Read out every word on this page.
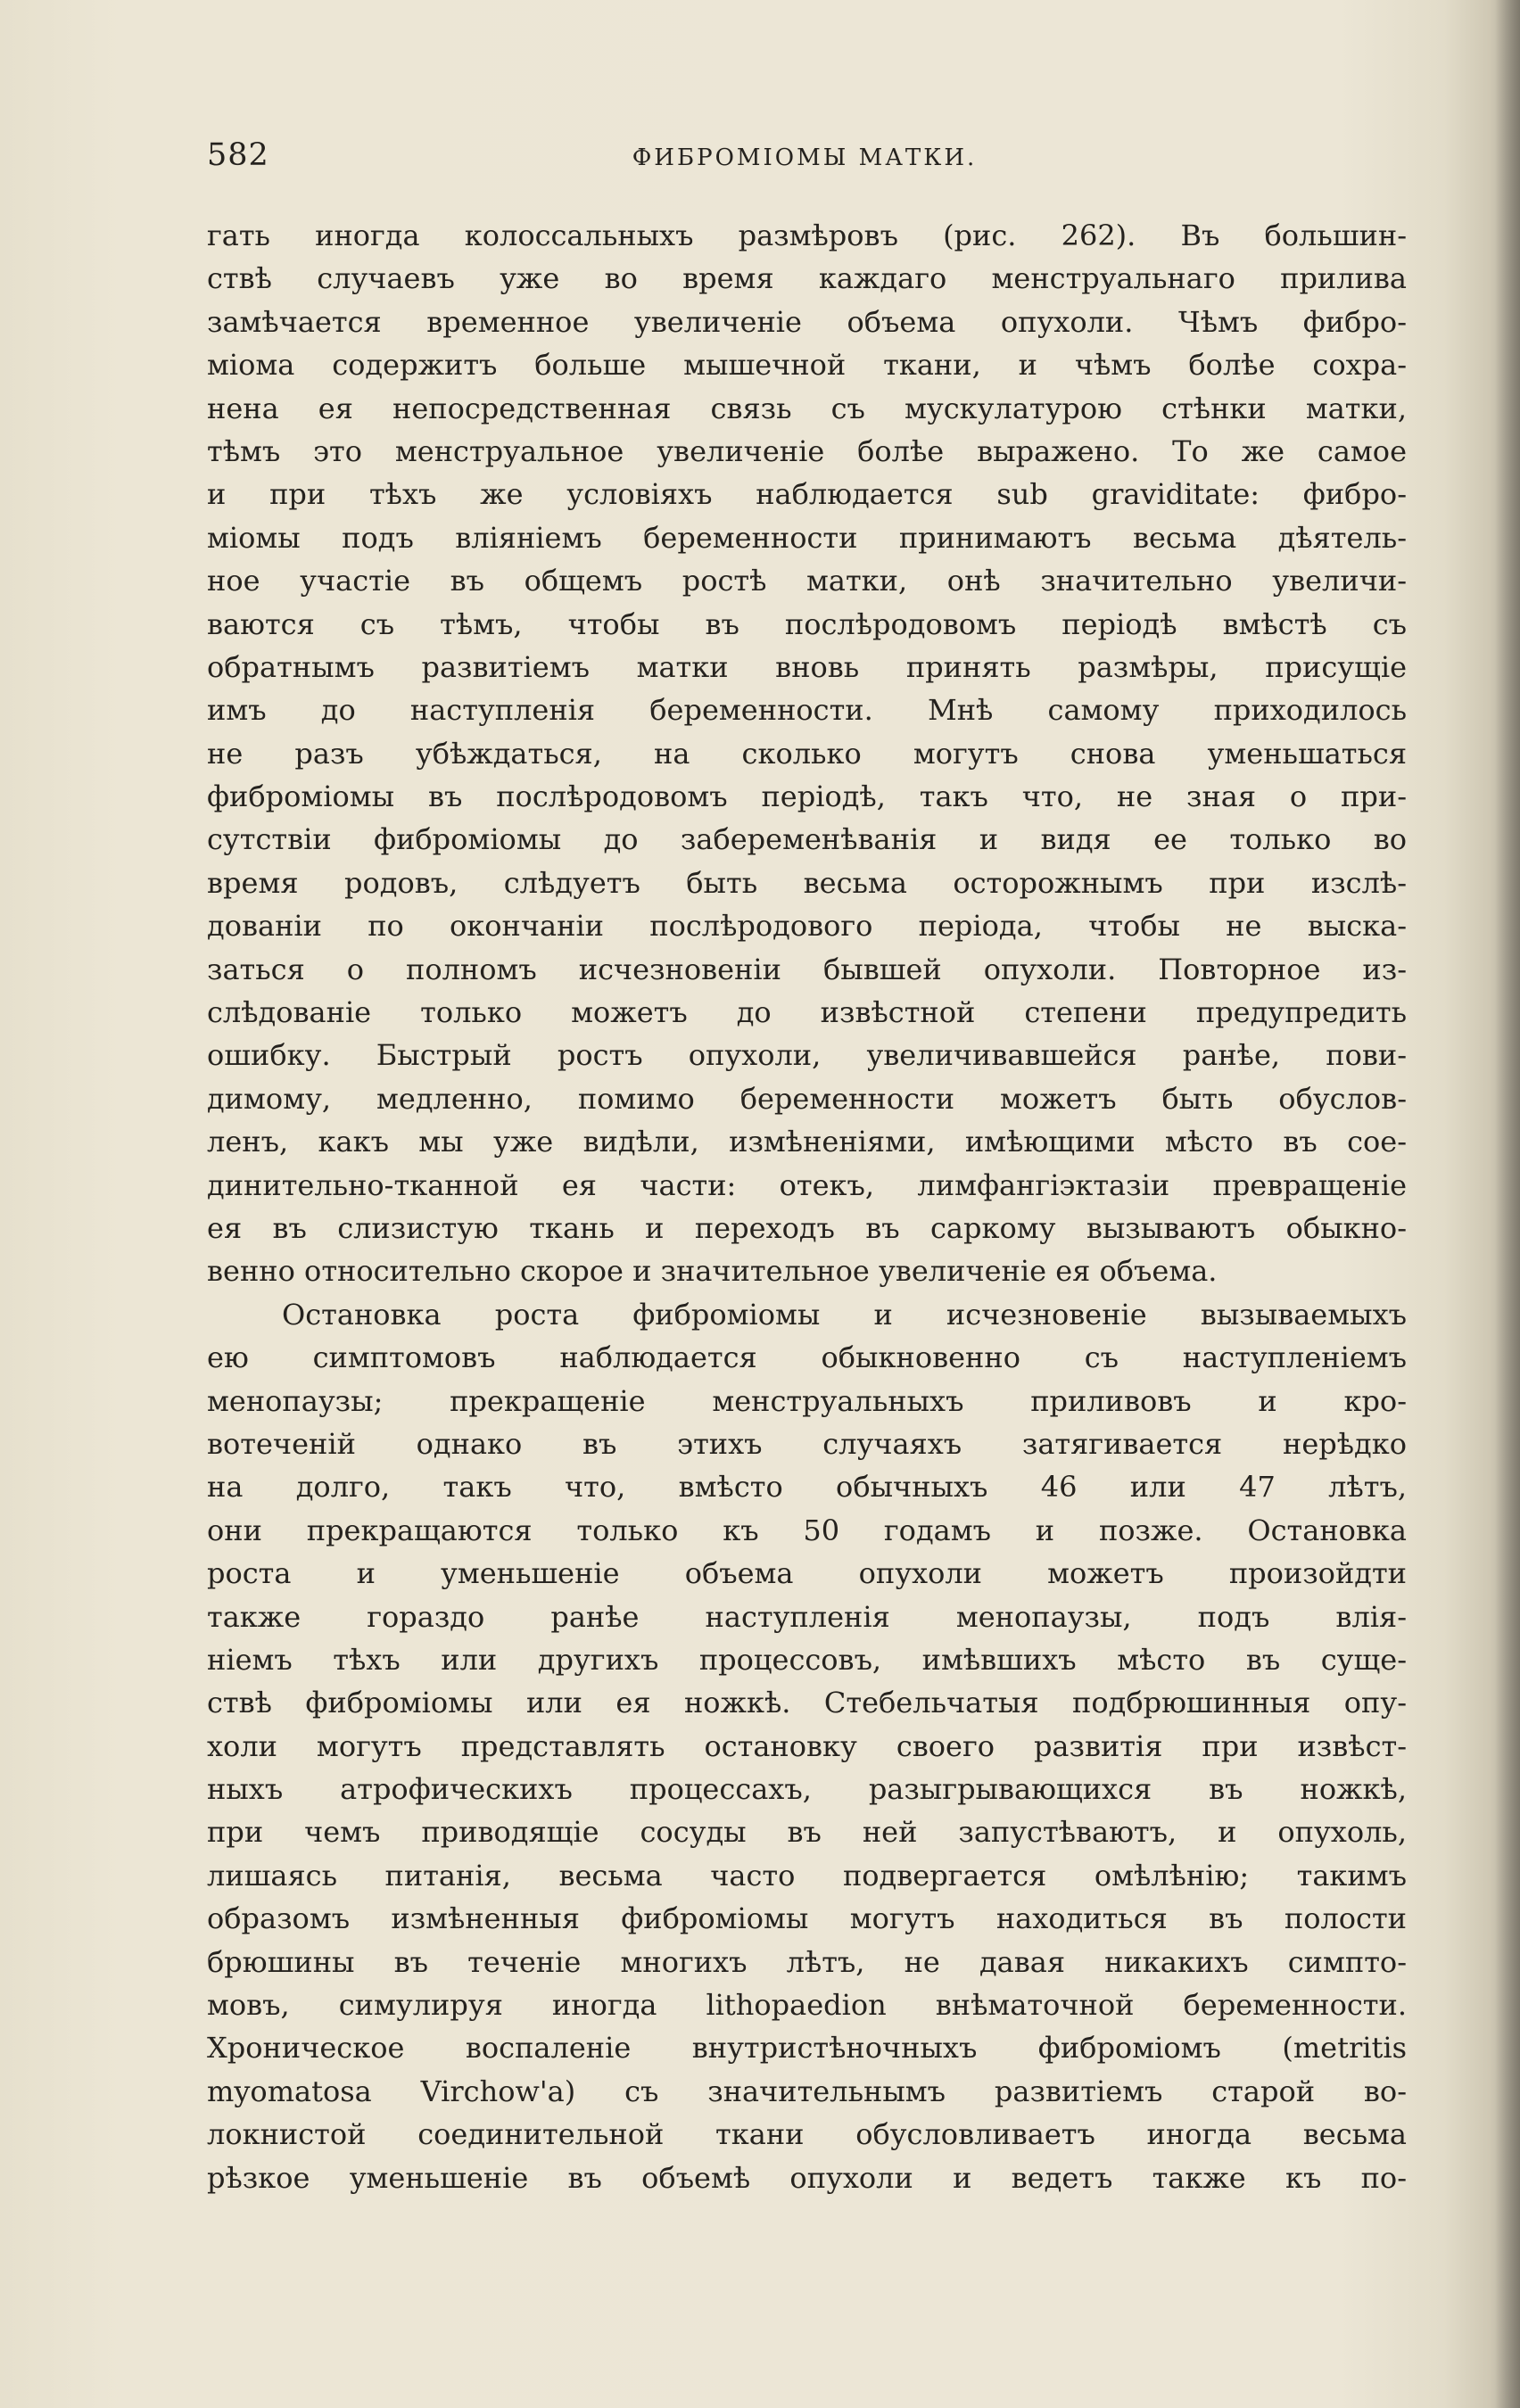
582	ФИБРОМІОМЫ МАТКИ.
гать иногда колоссальныхъ размѣровъ (рис. 262). Въ большин-
ствѣ случаевъ уже во время каждаго менструальнаго прилива
замѣчается временное увеличеніе объема опухоли. Чѣмъ фибро-
міома содержитъ больше мышечной ткани, и чѣмъ болѣе сохра-
нена ея непосредственная связь съ мускулатурою стѣнки матки,
тѣмъ это менструальное увеличеніе болѣе выражено. То же самое
и при тѣхъ же условіяхъ наблюдается sub graviditate: фибро-
міомы подъ вліяніемъ беременности принимаютъ весьма дѣятель-
ное участіе въ общемъ ростѣ матки, онѣ значительно увеличи-
ваются съ тѣмъ, чтобы въ послѣродовомъ періодѣ вмѣстѣ съ
обратнымъ развитіемъ матки вновь принять размѣры, присущіе
имъ до наступленія беременности. Мнѣ самому приходилось
не разъ убѣждаться, на сколько могутъ снова уменьшаться
фиброміомы въ послѣродовомъ періодѣ, такъ что, не зная о при-
сутствіи фиброміомы до забеременѣванія и видя ее только во
время родовъ, слѣдуетъ быть весьма осторожнымъ при изслѣ-
дованіи по окончаніи послѣродового періода, чтобы не выска-
заться о полномъ исчезновеніи бывшей опухоли. Повторное из-
слѣдованіе только можетъ до извѣстной степени предупредить
ошибку. Быстрый ростъ опухоли, увеличивавшейся ранѣе, пови-
димому, медленно, помимо беременности можетъ быть обуслов-
ленъ, какъ мы уже видѣли, измѣненіями, имѣющими мѣсто въ сое-
динительно-тканной ея части: отекъ, лимфангіэктазіи превращеніе
ея въ слизистую ткань и переходъ въ саркому вызываютъ обыкно-
венно относительно скорое и значительное увеличеніе ея объема.
Остановка роста фиброміомы и исчезновеніе вызываемыхъ
ею симптомовъ наблюдается обыкновенно съ наступленіемъ
менопаузы; прекращеніе менструальныхъ приливовъ и кро-
вотеченій однако въ этихъ случаяхъ затягивается нерѣдко
на долго, такъ что, вмѣсто обычныхъ 46 или 47 лѣтъ,
они прекращаются только къ 50 годамъ и позже. Остановка
роста и уменьшеніе объема опухоли можетъ произойдти
также гораздо ранѣе наступленія менопаузы, подъ влія-
ніемъ тѣхъ или другихъ процессовъ, имѣвшихъ мѣсто въ суще-
ствѣ фиброміомы или ея ножкѣ. Стебельчатыя подбрюшинныя опу-
холи могутъ представлять остановку своего развитія при извѣст-
ныхъ атрофическихъ процессахъ, разыгрывающихся въ ножкѣ,
при чемъ приводящіе сосуды въ ней запустѣваютъ, и опухоль,
лишаясь питанія, весьма часто подвергается омѣлѣнію; такимъ
образомъ измѣненныя фиброміомы могутъ находиться въ полости
брюшины въ теченіе многихъ лѣтъ, не давая никакихъ симпто-
мовъ, симулируя иногда lithopaedion внѣматочной беременности.
Хроническое воспаленіе внутристѣночныхъ фиброміомъ (metritis
myomatosa Virchow'а) съ значительнымъ развитіемъ старой во-
локнистой соединительной ткани обусловливаетъ иногда весьма
рѣзкое уменьшеніе въ объемѣ опухоли и ведетъ также къ по-
